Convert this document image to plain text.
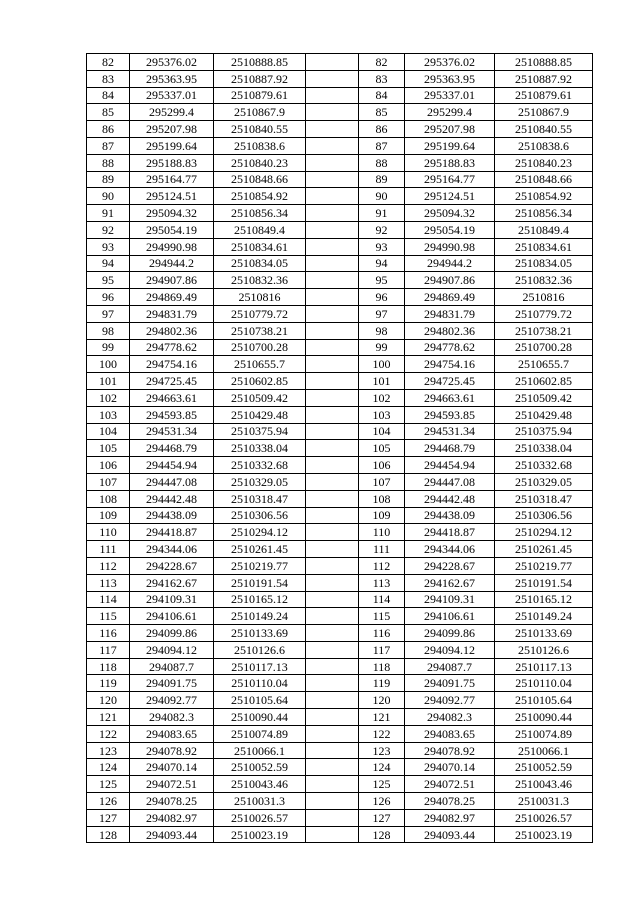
82	295376.02	2510888.85		82	295376.02	2510888.85
83	295363.95	2510887.92		83	295363.95	2510887.92
84	295337.01	2510879.61		84	295337.01	2510879.61
85	295299.4	2510867.9		85	295299.4	2510867.9
86	295207.98	2510840.55		86	295207.98	2510840.55
87	295199.64	2510838.6		87	295199.64	2510838.6
88	295188.83	2510840.23		88	295188.83	2510840.23
89	295164.77	2510848.66		89	295164.77	2510848.66
90	295124.51	2510854.92		90	295124.51	2510854.92
91	295094.32	2510856.34		91	295094.32	2510856.34
92	295054.19	2510849.4		92	295054.19	2510849.4
93	294990.98	2510834.61		93	294990.98	2510834.61
94	294944.2	2510834.05		94	294944.2	2510834.05
95	294907.86	2510832.36		95	294907.86	2510832.36
96	294869.49	2510816		96	294869.49	2510816
97	294831.79	2510779.72		97	294831.79	2510779.72
98	294802.36	2510738.21		98	294802.36	2510738.21
99	294778.62	2510700.28		99	294778.62	2510700.28
100	294754.16	2510655.7		100	294754.16	2510655.7
101	294725.45	2510602.85		101	294725.45	2510602.85
102	294663.61	2510509.42		102	294663.61	2510509.42
103	294593.85	2510429.48		103	294593.85	2510429.48
104	294531.34	2510375.94		104	294531.34	2510375.94
105	294468.79	2510338.04		105	294468.79	2510338.04
106	294454.94	2510332.68		106	294454.94	2510332.68
107	294447.08	2510329.05		107	294447.08	2510329.05
108	294442.48	2510318.47		108	294442.48	2510318.47
109	294438.09	2510306.56		109	294438.09	2510306.56
110	294418.87	2510294.12		110	294418.87	2510294.12
111	294344.06	2510261.45		111	294344.06	2510261.45
112	294228.67	2510219.77		112	294228.67	2510219.77
113	294162.67	2510191.54		113	294162.67	2510191.54
114	294109.31	2510165.12		114	294109.31	2510165.12
115	294106.61	2510149.24		115	294106.61	2510149.24
116	294099.86	2510133.69		116	294099.86	2510133.69
117	294094.12	2510126.6		117	294094.12	2510126.6
118	294087.7	2510117.13		118	294087.7	2510117.13
119	294091.75	2510110.04		119	294091.75	2510110.04
120	294092.77	2510105.64		120	294092.77	2510105.64
121	294082.3	2510090.44		121	294082.3	2510090.44
122	294083.65	2510074.89		122	294083.65	2510074.89
123	294078.92	2510066.1		123	294078.92	2510066.1
124	294070.14	2510052.59		124	294070.14	2510052.59
125	294072.51	2510043.46		125	294072.51	2510043.46
126	294078.25	2510031.3		126	294078.25	2510031.3
127	294082.97	2510026.57		127	294082.97	2510026.57
128	294093.44	2510023.19		128	294093.44	2510023.19
